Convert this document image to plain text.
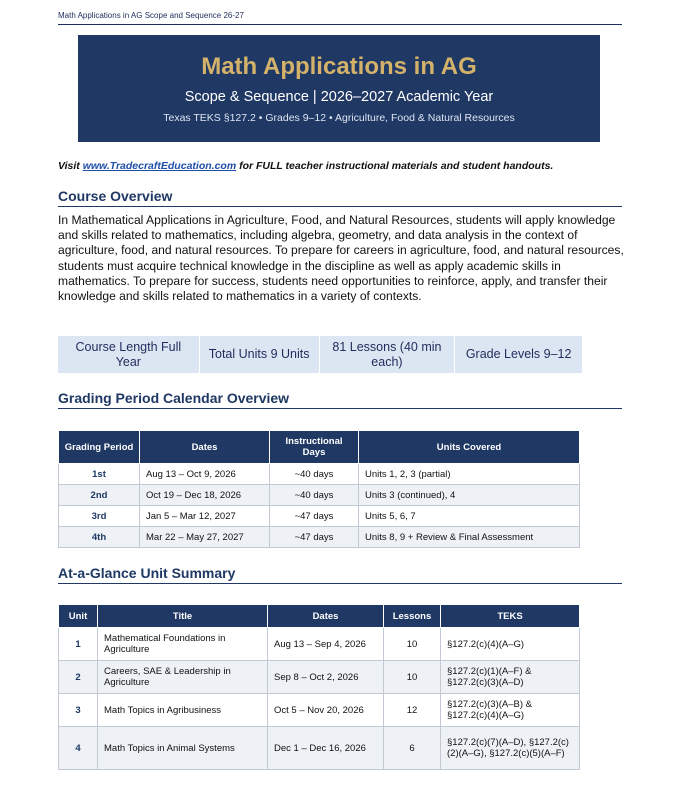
Math Applications in AG Scope and Sequence 26-27
Math Applications in AG
Scope & Sequence | 2026–2027 Academic Year
Texas TEKS §127.2 • Grades 9–12 • Agriculture, Food & Natural Resources
Visit www.TradecraftEducation.com for FULL teacher instructional materials and student handouts.
Course Overview

In Mathematical Applications in Agriculture, Food, and Natural Resources, students will apply knowledge and skills related to mathematics, including algebra, geometry, and data analysis in the context of agriculture, food, and natural resources. To prepare for careers in agriculture, food, and natural resources, students must acquire technical knowledge in the discipline as well as apply academic skills in mathematics. To prepare for success, students need opportunities to reinforce, apply, and transfer their knowledge and skills related to mathematics in a variety of contexts.

Course Length Full Year
Total Units 9 Units
81 Lessons (40 min each)
Grade Levels 9–12
Grading Period Calendar Overview
Grading Period	Dates	Instructional Days	Units Covered
1st	Aug 13 – Oct 9, 2026	~40 days	Units 1, 2, 3 (partial)
2nd	Oct 19 – Dec 18, 2026	~40 days	Units 3 (continued), 4
3rd	Jan 5 – Mar 12, 2027	~47 days	Units 5, 6, 7
4th	Mar 22 – May 27, 2027	~47 days	Units 8, 9 + Review & Final Assessment
At-a-Glance Unit Summary
Unit	Title	Dates	Lessons	TEKS
1	Mathematical Foundations in Agriculture	Aug 13 – Sep 4, 2026	10	§127.2(c)(4)(A–G)
2	Careers, SAE & Leadership in Agriculture	Sep 8 – Oct 2, 2026	10	§127.2(c)(1)(A–F) & §127.2(c)(3)(A–D)
3	Math Topics in Agribusiness	Oct 5 – Nov 20, 2026	12	§127.2(c)(3)(A–B) & §127.2(c)(4)(A–G)
4	Math Topics in Animal Systems	Dec 1 – Dec 16, 2026	6	§127.2(c)(7)(A–D), §127.2(c)(2)(A–G), §127.2(c)(5)(A–F)
